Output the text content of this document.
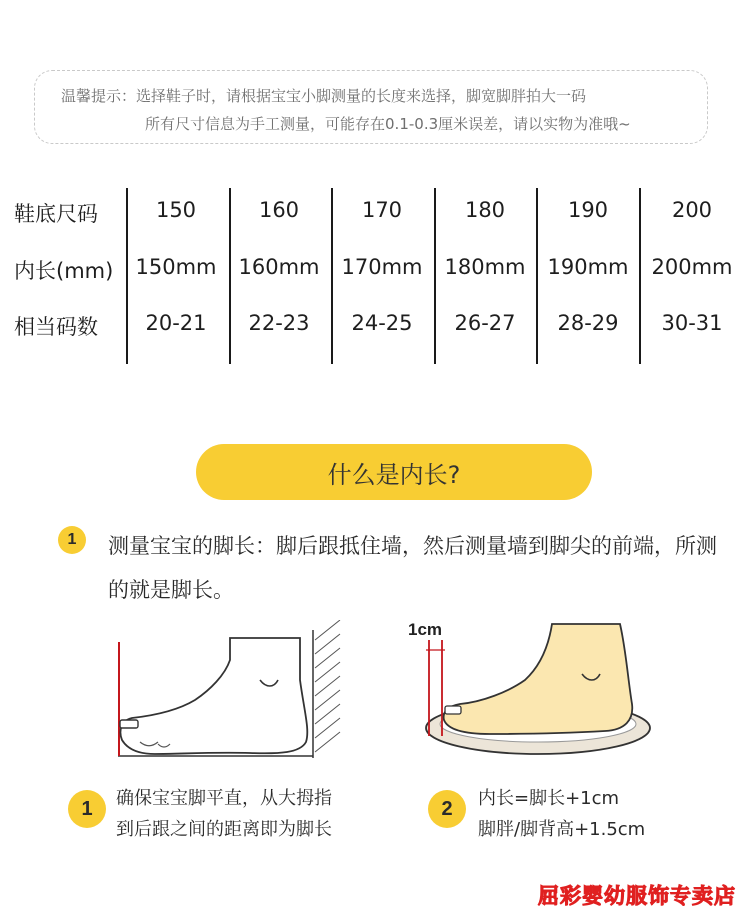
温馨提示：选择鞋子时，请根据宝宝小脚测量的长度来选择，脚宽脚胖拍大一码
所有尺寸信息为手工测量，可能存在0.1-0.3厘米误差，请以实物为准哦~
鞋底尺码	150	160	170	180	190	200
内长(mm)	150mm	160mm	170mm	180mm	190mm	200mm
相当码数	20-21	22-23	24-25	26-27	28-29	30-31
什么是内长?
1 测量宝宝的脚长：脚后跟抵住墙，然后测量墙到脚尖的前端，所测的就是脚长。
1cm
1 确保宝宝脚平直，从大拇指
到后跟之间的距离即为脚长
2 内长=脚长+1cm
脚胖/脚背高+1.5cm
屈彩婴幼服饰专卖店
